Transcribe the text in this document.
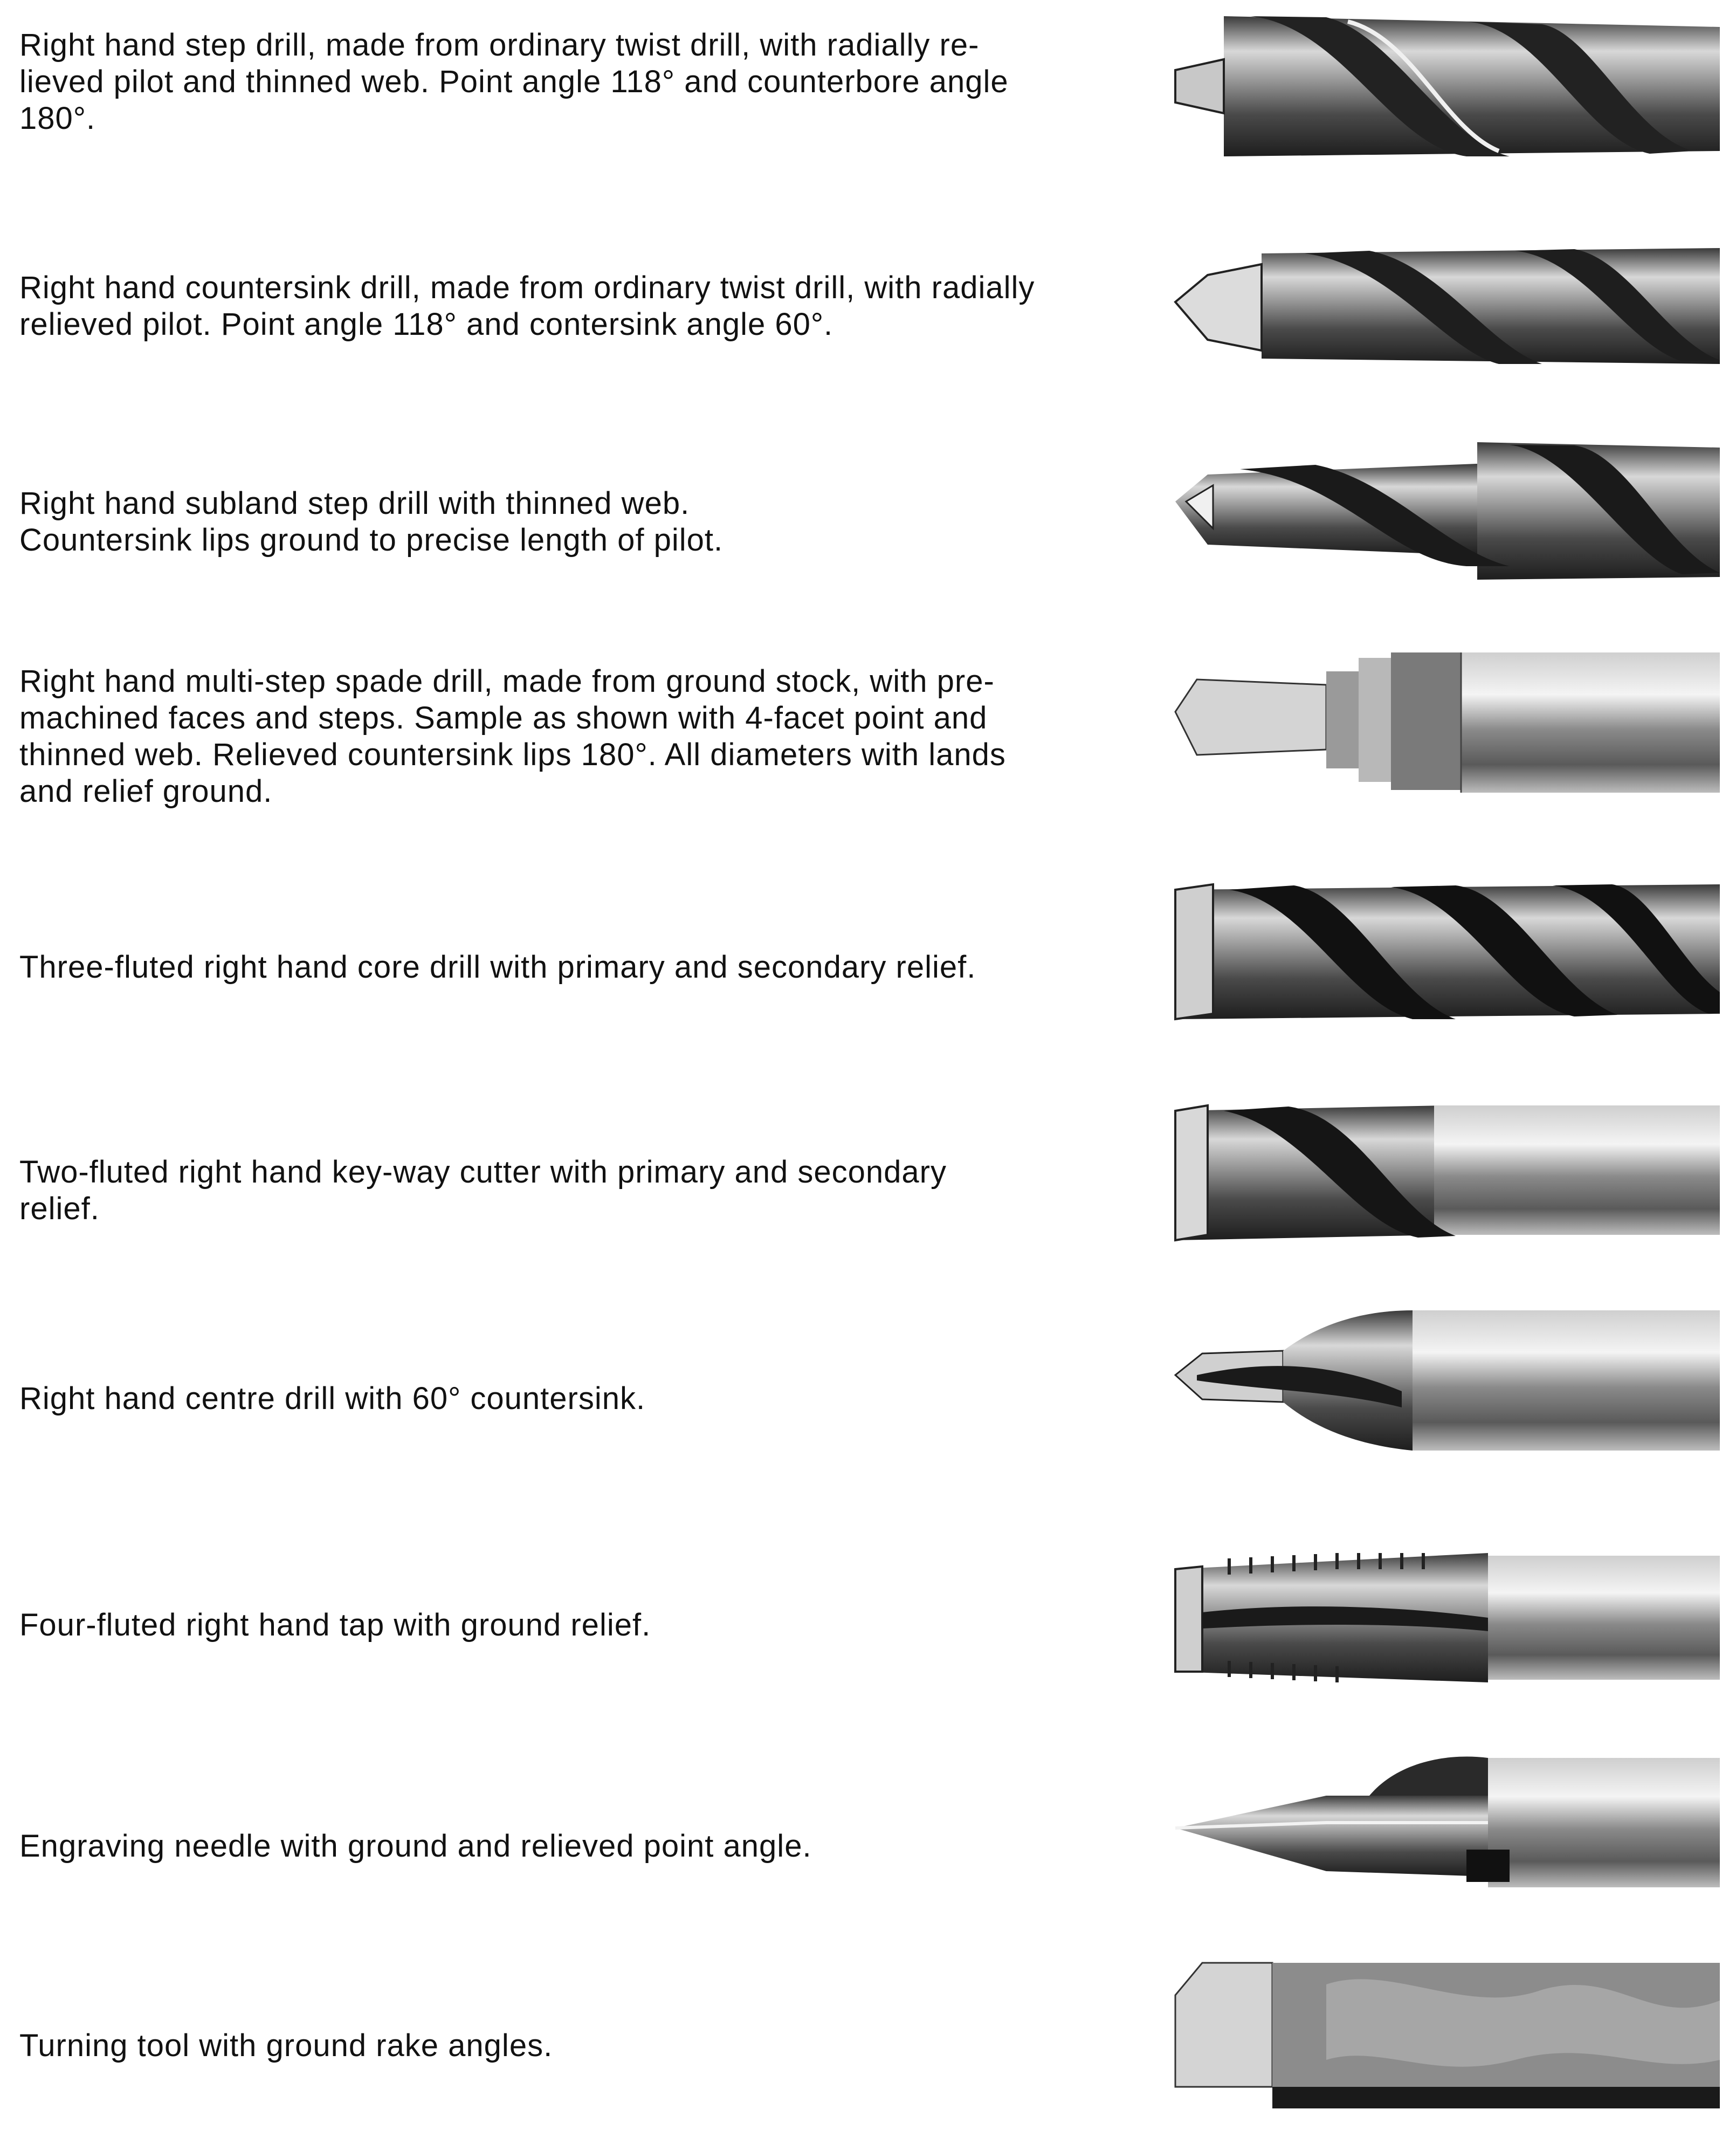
Right hand step drill, made from ordinary twist drill, with radially re-
lieved pilot and thinned web. Point angle 118° and counterbore angle
180°.
Right hand countersink drill, made from ordinary twist drill, with radially
relieved pilot. Point angle 118° and contersink angle 60°.
Right hand subland step drill with thinned web.
Countersink lips ground to precise length of pilot.
Right hand multi-step spade drill, made from ground stock, with pre-
machined faces and steps. Sample as shown with 4-facet point and
thinned web. Relieved countersink lips 180°. All diameters with lands
and relief ground.
Three-fluted right hand core drill with primary and secondary relief.
Two-fluted right hand key-way cutter with primary and secondary
relief.
Right hand centre drill with 60° countersink.
Four-fluted right hand tap with ground relief.
Engraving needle with ground and relieved point angle.
Turning tool with ground rake angles.
